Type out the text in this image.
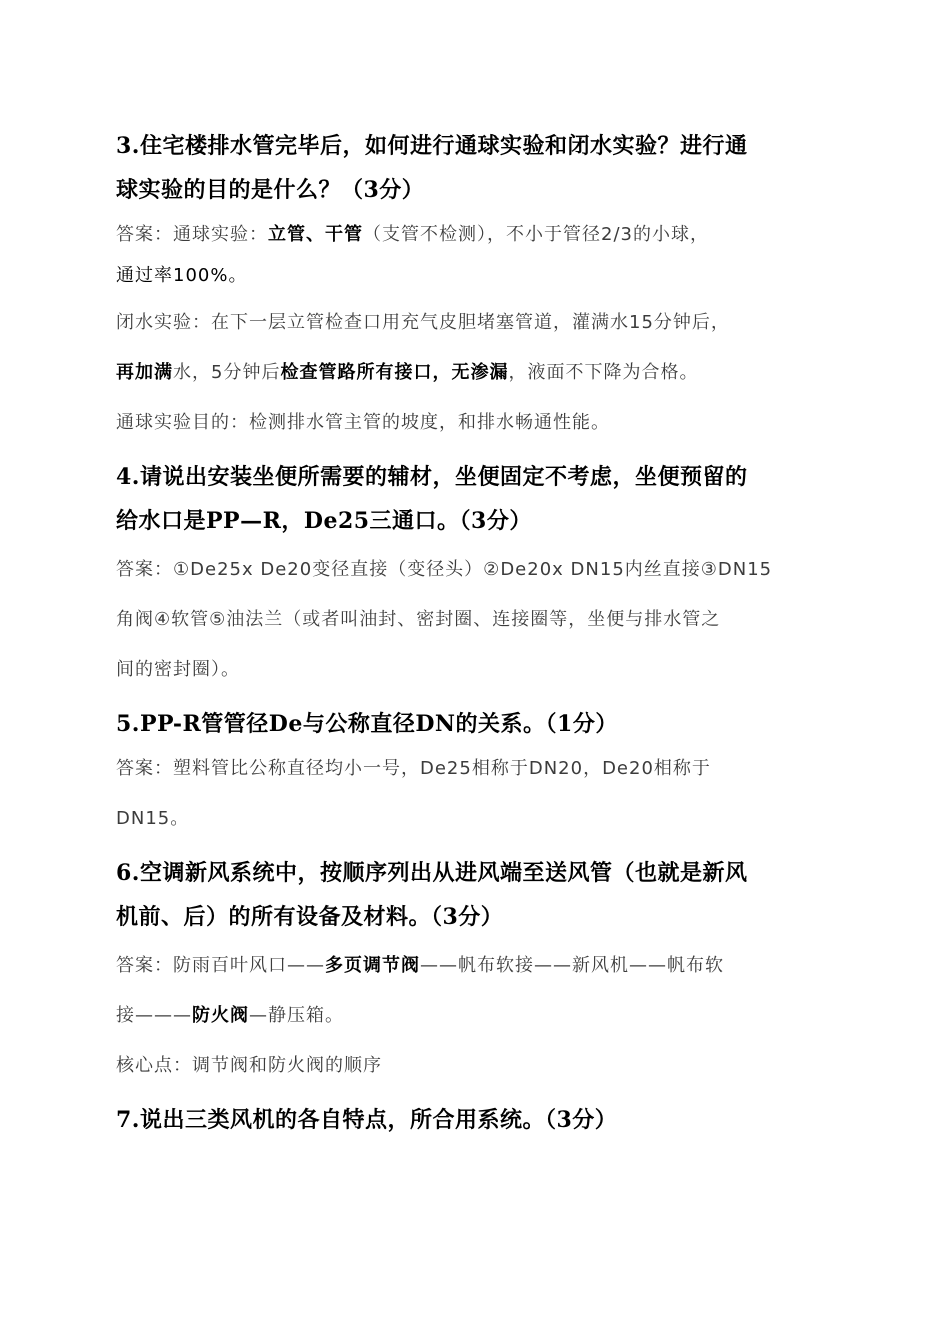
3.住宅楼排水管完毕后，如何进行通球实验和闭水实验？进行通
球实验的目的是什么？（3分）

答案：通球实验：立管、干管（支管不检测），不小于管径2/3的小球，

通过率100%。

闭水实验：在下一层立管检查口用充气皮胆堵塞管道，灌满水15分钟后，

再加满水，5分钟后检查管路所有接口，无渗漏，液面不下降为合格。

通球实验目的：检测排水管主管的坡度，和排水畅通性能。

4.请说出安装坐便所需要的辅材，坐便固定不考虑，坐便预留的
给水口是PP—R，De25三通口。（3分）

答案：①De25x De20变径直接（变径头）②De20x DN15内丝直接③DN15

角阀④软管⑤油法兰（或者叫油封、密封圈、连接圈等，坐便与排水管之

间的密封圈）。

5.PP-R管管径De与公称直径DN的关系。（1分）

答案：塑料管比公称直径均小一号，De25相称于DN20，De20相称于

DN15。

6.空调新风系统中，按顺序列出从进风端至送风管（也就是新风
机前、后）的所有设备及材料。（3分）

答案：防雨百叶风口——多页调节阀——帆布软接——新风机——帆布软

接———防火阀—静压箱。

核心点：调节阀和防火阀的顺序

7.说出三类风机的各自特点，所合用系统。（3分）
